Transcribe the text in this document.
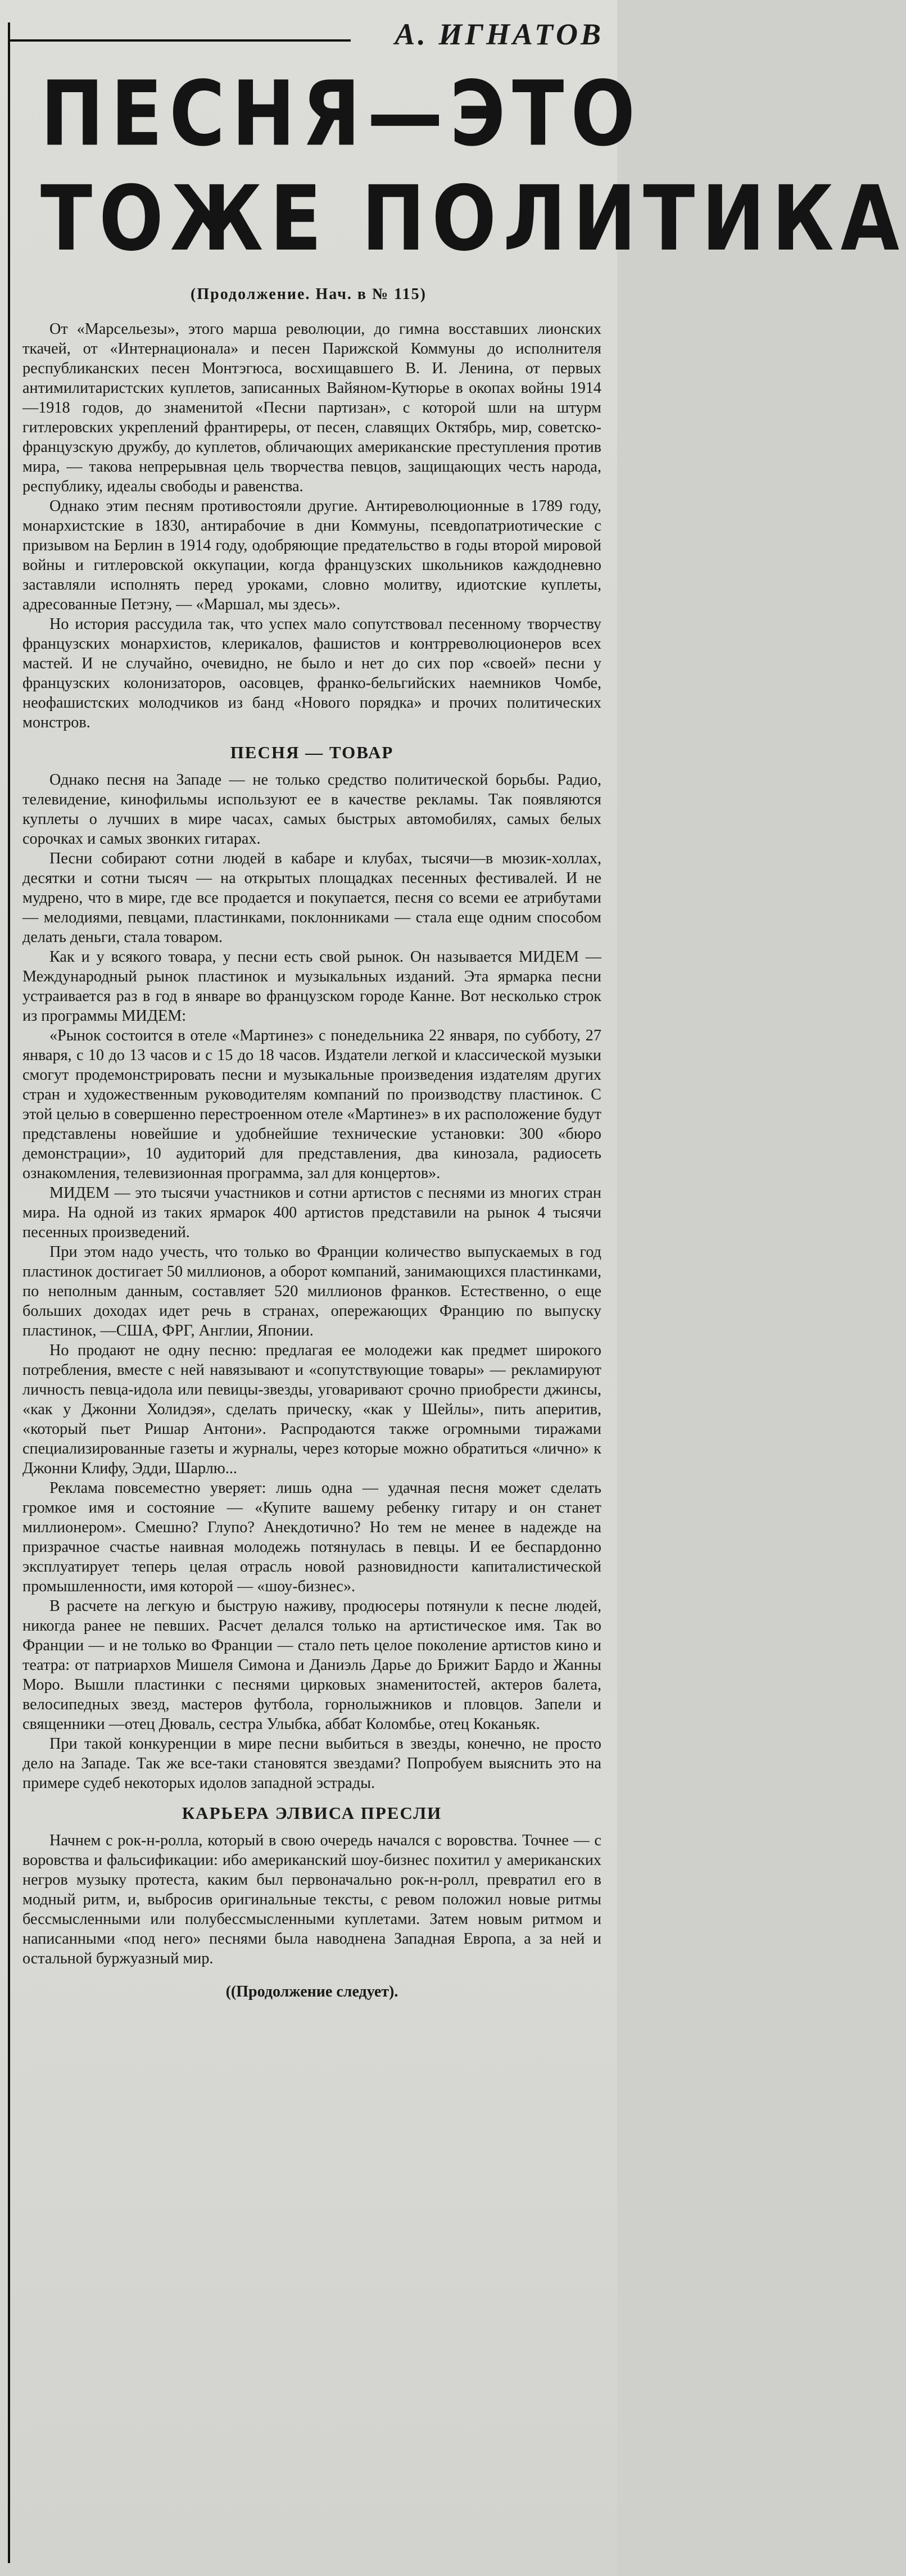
А. ИГНАТОВ
ПЕСНЯ—ЭТО
ТОЖЕ ПОЛИТИКА
(Продолжение. Нач. в № 115)

От «Марсельезы», этого марша революции, до гимна восставших лионских ткачей, от «Интернационала» и песен Парижской Коммуны до исполнителя республиканских песен Монтэгюса, восхищавшего В. И. Ленина, от первых антимилитаристских куплетов, записанных Вайяном-Кутюрье в окопах войны 1914—1918 годов, до знаменитой «Песни партизан», с которой шли на штурм гитлеровских укреплений франтиреры, от песен, славящих Октябрь, мир, советско-французскую дружбу, до куплетов, обличающих американские преступления против мира, — такова непрерывная цель творчества певцов, защищающих честь народа, республику, идеалы свободы и равенства.

Однако этим песням противостояли другие. Антиреволюционные в 1789 году, монархистские в 1830, антирабочие в дни Коммуны, псевдопатриотические с призывом на Берлин в 1914 году, одобряющие предательство в годы второй мировой войны и гитлеровской оккупации, когда французских школьников каждодневно заставляли исполнять перед уроками, словно молитву, идиотские куплеты, адресованные Петэну, — «Маршал, мы здесь».

Но история рассудила так, что успех мало сопутствовал песенному творчеству французских монархистов, клерикалов, фашистов и контрреволюционеров всех мастей. И не случайно, очевидно, не было и нет до сих пор «своей» песни у французских колонизаторов, оасовцев, франко-бельгийских наемников Чомбе, неофашистских молодчиков из банд «Нового порядка» и прочих политических монстров.

ПЕСНЯ — ТОВАР

Однако песня на Западе — не только средство политической борьбы. Радио, телевидение, кинофильмы используют ее в качестве рекламы. Так появляются куплеты о лучших в мире часах, самых быстрых автомобилях, самых белых сорочках и самых звонких гитарах.

Песни собирают сотни людей в кабаре и клубах, тысячи—в мюзик-холлах, десятки и сотни тысяч — на открытых площадках песенных фестивалей. И не мудрено, что в мире, где все продается и покупается, песня со всеми ее атрибутами — мелодиями, певцами, пластинками, поклонниками — стала еще одним способом делать деньги, стала товаром.

Как и у всякого товара, у песни есть свой рынок. Он называется МИДЕМ — Международный рынок пластинок и музыкальных изданий. Эта ярмарка песни устраивается раз в год в январе во французском городе Канне. Вот несколько строк из программы МИДЕМ:

«Рынок состоится в отеле «Мартинез» с понедельника 22 января, по субботу, 27 января, с 10 до 13 часов и с 15 до 18 часов. Издатели легкой и классической музыки смогут продемонстрировать песни и музыкальные произведения издателям других стран и художественным руководителям компаний по производству пластинок. С этой целью в совершенно перестроенном отеле «Мартинез» в их расположение будут представлены новейшие и удобнейшие технические установки: 300 «бюро демонстрации», 10 аудиторий для представления, два кинозала, радиосеть ознакомления, телевизионная программа, зал для концертов».

МИДЕМ — это тысячи участников и сотни артистов с песнями из многих стран мира. На одной из таких ярмарок 400 артистов представили на рынок 4 тысячи песенных произведений.

При этом надо учесть, что только во Франции количество выпускаемых в год пластинок достигает 50 миллионов, а оборот компаний, занимающихся пластинками, по неполным данным, составляет 520 миллионов франков. Естественно, о еще больших доходах идет речь в странах, опережающих Францию по выпуску пластинок, —США, ФРГ, Англии, Японии.

Но продают не одну песню: предлагая ее молодежи как предмет широкого потребления, вместе с ней навязывают и «сопутствующие товары» — рекламируют личность певца-идола или певицы-звезды, уговаривают срочно приобрести джинсы, «как у Джонни Холидэя», сделать прическу, «как у Шейлы», пить аперитив, «который пьет Ришар Антони». Распродаются также огромными тиражами специализированные газеты и журналы, через которые можно обратиться «лично» к Джонни Клифу, Эдди, Шарлю...

Реклама повсеместно уверяет: лишь одна — удачная песня может сделать громкое имя и состояние — «Купите вашему ребенку гитару и он станет миллионером». Смешно? Глупо? Анекдотично? Но тем не менее в надежде на призрачное счастье наивная молодежь потянулась в певцы. И ее беспардонно эксплуатирует теперь целая отрасль новой разновидности капиталистической промышленности, имя которой — «шоу-бизнес».

В расчете на легкую и быструю наживу, продюсеры потянули к песне людей, никогда ранее не певших. Расчет делался только на артистическое имя. Так во Франции — и не только во Франции — стало петь целое поколение артистов кино и театра: от патриархов Мишеля Симона и Даниэль Дарье до Брижит Бардо и Жанны Моро. Вышли пластинки с песнями цирковых знаменитостей, актеров балета, велосипедных звезд, мастеров футбола, горнолыжников и пловцов. Запели и священники —отец Дюваль, сестра Улыбка, аббат Коломбье, отец Коканьяк.

При такой конкуренции в мире песни выбиться в звезды, конечно, не просто дело на Западе. Так же все-таки становятся звездами? Попробуем выяснить это на примере судеб некоторых идолов западной эстрады.

КАРЬЕРА ЭЛВИСА ПРЕСЛИ

Начнем с рок-н-ролла, который в свою очередь начался с воровства. Точнее — с воровства и фальсификации: ибо американский шоу-бизнес похитил у американских негров музыку протеста, каким был первоначально рок-н-ролл, превратил его в модный ритм, и, выбросив оригинальные тексты, с ревом положил новые ритмы бессмысленными или полубессмысленными куплетами. Затем новым ритмом и написанными «под него» песнями была наводнена Западная Европа, а за ней и остальной буржуазный мир.

((Продолжение следует).
